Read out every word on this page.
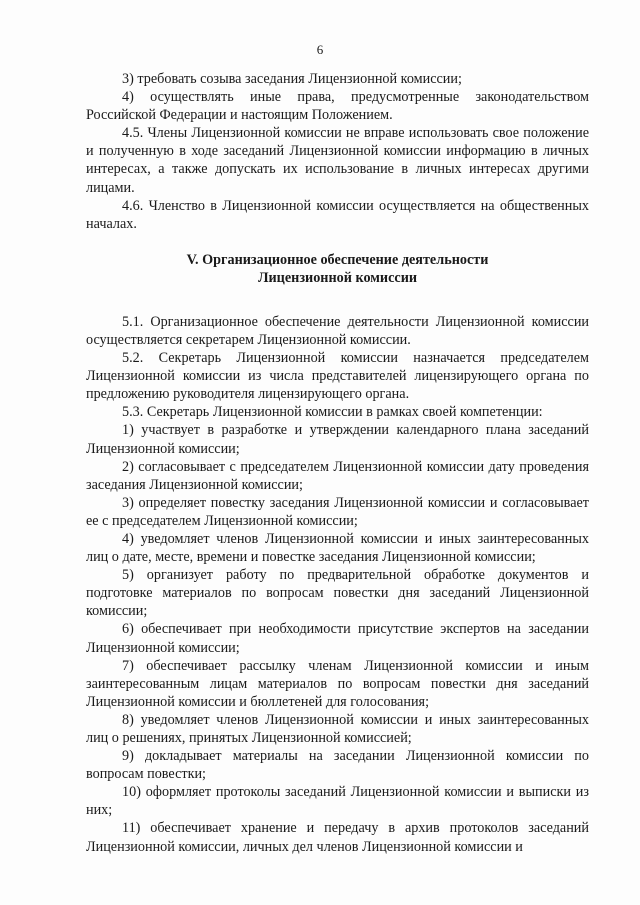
6

3) требовать созыва заседания Лицензионной комиссии;

4) осуществлять иные права, предусмотренные законодательством Российской Федерации и настоящим Положением.

4.5. Члены Лицензионной комиссии не вправе использовать свое положение и полученную в ходе заседаний Лицензионной комиссии информацию в личных интересах, а также допускать их использование в личных интересах другими лицами.

4.6. Членство в Лицензионной комиссии осуществляется на общественных началах.

V. Организационное обеспечение деятельности
Лицензионной комиссии

5.1. Организационное обеспечение деятельности Лицензионной комиссии осуществляется секретарем Лицензионной комиссии.

5.2. Секретарь Лицензионной комиссии назначается председателем Лицензионной комиссии из числа представителей лицензирующего органа по предложению руководителя лицензирующего органа.

5.3. Секретарь Лицензионной комиссии в рамках своей компетенции:

1) участвует в разработке и утверждении календарного плана заседаний Лицензионной комиссии;

2) согласовывает с председателем Лицензионной комиссии дату проведения заседания Лицензионной комиссии;

3) определяет повестку заседания Лицензионной комиссии и согласовывает ее с председателем Лицензионной комиссии;

4) уведомляет членов Лицензионной комиссии и иных заинтересованных лиц о дате, месте, времени и повестке заседания Лицензионной комиссии;

5) организует работу по предварительной обработке документов и подготовке материалов по вопросам повестки дня заседаний Лицензионной комиссии;

6) обеспечивает при необходимости присутствие экспертов на заседании Лицензионной комиссии;

7) обеспечивает рассылку членам Лицензионной комиссии и иным заинтересованным лицам материалов по вопросам повестки дня заседаний Лицензионной комиссии и бюллетеней для голосования;

8) уведомляет членов Лицензионной комиссии и иных заинтересованных лиц о решениях, принятых Лицензионной комиссией;

9) докладывает материалы на заседании Лицензионной комиссии по вопросам повестки;

10) оформляет протоколы заседаний Лицензионной комиссии и выписки из них;

11) обеспечивает хранение и передачу в архив протоколов заседаний Лицензионной комиссии, личных дел членов Лицензионной комиссии и
